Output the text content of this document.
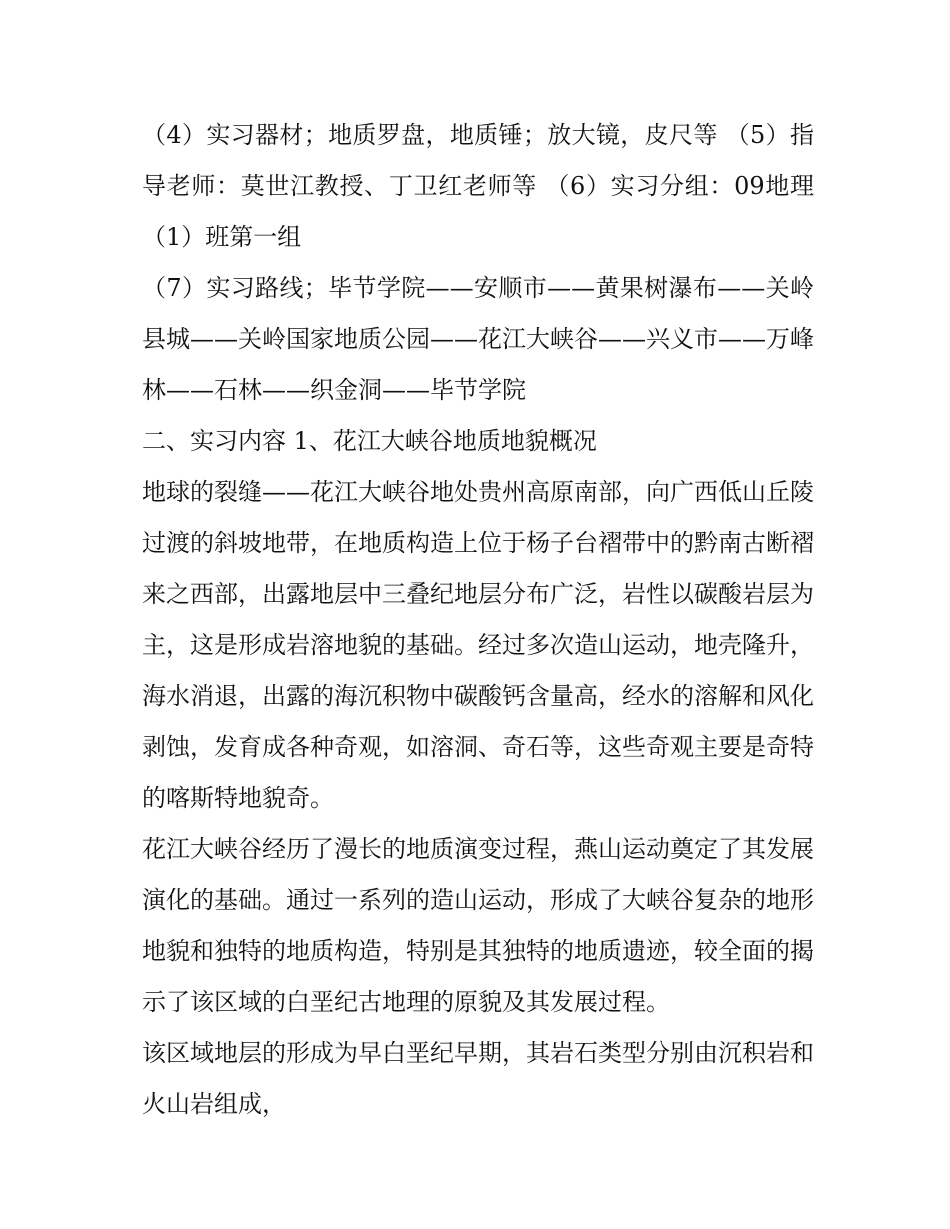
（4）实习器材；地质罗盘，地质锤；放大镜，皮尺等 （5）指导老师：莫世江教授、丁卫红老师等 （6）实习分组：09地理（1）班第一组

（7）实习路线；毕节学院——安顺市——黄果树瀑布——关岭县城——关岭国家地质公园——花江大峡谷——兴义市——万峰林——石林——织金洞——毕节学院

二、实习内容 1、花江大峡谷地质地貌概况

地球的裂缝——花江大峡谷地处贵州高原南部，向广西低山丘陵过渡的斜坡地带，在地质构造上位于杨子台褶带中的黔南古断褶来之西部，出露地层中三叠纪地层分布广泛，岩性以碳酸岩层为主，这是形成岩溶地貌的基础。经过多次造山运动，地壳隆升，海水消退，出露的海沉积物中碳酸钙含量高，经水的溶解和风化剥蚀，发育成各种奇观，如溶洞、奇石等，这些奇观主要是奇特的喀斯特地貌奇。

花江大峡谷经历了漫长的地质演变过程，燕山运动奠定了其发展演化的基础。通过一系列的造山运动，形成了大峡谷复杂的地形地貌和独特的地质构造，特别是其独特的地质遗迹，较全面的揭示了该区域的白垩纪古地理的原貌及其发展过程。

该区域地层的形成为早白垩纪早期，其岩石类型分别由沉积岩和火山岩组成，
